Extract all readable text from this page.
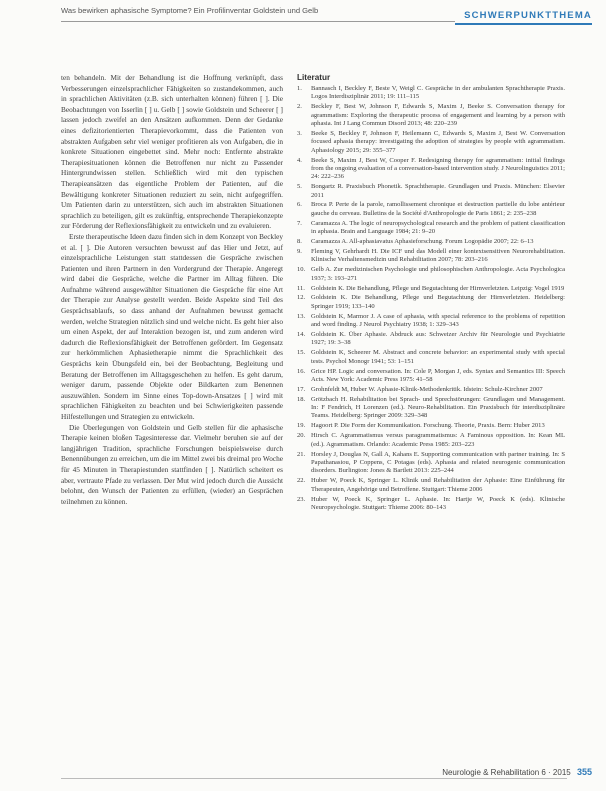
Was bewirken aphasische Symptome? Ein Profilinventar Goldstein und Gelb	SCHWERPUNKTTHEMA

ten behandeln. Mit der Behandlung ist die Hoffnung verknüpft, dass Verbesserungen einzelsprachlicher Fähigkeiten so zustandekommen, auch in sprachlichen Aktivitäten (z.B. sich unterhalten können) führen [ ]. Die Beobachtungen von Isserlin [ ] u. Gelb [ ] sowie Goldstein und Scheerer [ ] lassen jedoch zweifel an den Ansätzen aufkommen. Denn der Gedanke eines defizitorientierten Therapievorkommt, dass die Patienten von abstrakten Aufgaben sehr viel weniger profitieren als von Aufgaben, die in konkrete Situationen eingebettet sind. Mehr noch: Entfernte abstrakte Therapiesituationen können die Betroffenen nur nicht zu Passender Hintergrundwissen stellen. Schließlich wird mit den typischen Therapieansätzen das eigentliche Problem der Patienten, auf die Bewältigung konkreter Situationen reduziert zu sein, nicht aufgegriffen. Um Patienten darin zu unterstützen, sich auch im abstrakten Situationen sprachlich zu beteiligen, gilt es zukünftig, entsprechende Therapiekonzepte zur Förderung der Reflexionsfähigkeit zu entwickeln und zu evaluieren.

Erste therapeutische Ideen dazu finden sich in dem Konzept von Beckley et al. [ ]. Die Autoren versuchten bewusst auf das Hier und Jetzt, auf einzelsprachliche Leistungen statt stattdessen die Gespräche zwischen Patienten und ihren Partnern in den Vordergrund der Therapie. Angeregt wird dabei die Gespräche, welche die Partner im Alltag führen. Die Aufnahme während ausgewählter Situationen die Gespräche für eine Art der Therapie zur Analyse gestellt werden. Beide Aspekte sind Teil des Gesprächsablaufs, so dass anhand der Aufnahmen bewusst gemacht werden, welche Strategien nützlich sind und welche nicht. Es geht hier also um einen Aspekt, der auf Interaktion bezogen ist, und zum anderen wird dadurch die Reflexionsfähigkeit der Betroffenen gefördert. Im Gegensatz zur herkömmlichen Aphasietherapie nimmt die Sprachlichkeit des Gesprächs kein Übungsfeld ein, bei der Beobachtung, Begleitung und Beratung der Betroffenen im Alltagsgeschehen zu helfen. Es geht darum, weniger darum, passende Objekte oder Bildkarten zum Benennen auszuwählen. Sondern im Sinne eines Top-down-Ansatzes [ ] wird mit sprachlichen Fähigkeiten zu beachten und bei Schwierigkeiten passende Hilfestellungen und Strategien zu entwickeln.

Die Überlegungen von Goldstein und Gelb stellen für die aphasische Therapie keinen bloßen Tagesinteresse dar. Vielmehr beruhen sie auf der langjährigen Tradition, sprachliche Forschungen beispielsweise durch Benennübungen zu erreichen, um die im Mittel zwei bis dreimal pro Woche für 45 Minuten in Therapiestunden stattfinden [ ]. Natürlich scheitert es aber, vertraute Pfade zu verlassen. Der Mut wird jedoch durch die Aussicht belohnt, den Wunsch der Patienten zu erfüllen, (wieder) an Gesprächen teilnehmen zu können.

Literatur
1.	Bannasch I, Beckley F, Beste V, Weigl C. Gespräche in der ambulanten Sprachtherapie Praxis. Logos Interdisziplinär 2011; 19: 111–115
2.	Beckley F, Best W, Johnson F, Edwards S, Maxim J, Beeke S. Conversation therapy for agrammatism: Exploring the therapeutic process of engagement and learning by a person with aphasia. Int J Lang Commun Disord 2013; 48: 220–239
3.	Beeke S, Beckley F, Johnson F, Heilemann C, Edwards S, Maxim J, Best W. Conversation focused aphasia therapy: investigating the adoption of strategies by people with agrammatism. Aphasiology 2015; 29: 355–377
4.	Beeke S, Maxim J, Best W, Cooper F. Redesigning therapy for agrammatism: initial findings from the ongoing evaluation of a conversation-based intervention study. J Neurolinguistics 2011; 24: 222–236
5.	Bongartz R. Praxisbuch Phonetik. Sprachtherapie. Grundlagen und Praxis. München: Elsevier 2011
6.	Broca P. Perte de la parole, ramollissement chronique et destruction partielle du lobe antérieur gauche du cerveau. Bulletins de la Société d'Anthropologie de Paris 1861; 2: 235–238
7.	Caramazza A. The logic of neuropsychological research and the problem of patient classification in aphasia. Brain and Language 1984; 21: 9–20
8.	Caramazza A. All-aphasiavatus Aphasieforschung. Forum Logopädie 2007; 22: 6–13
9.	Fleming V, Gehrhardt H. Die ICF und das Modell einer kontextsensitiven Neurorehabilitation. Klinische Verhaltensmedizin und Rehabilitation 2007; 78: 203–216
10. Gelb A. Zur medizinischen Psychologie und philosophischen Anthropologie. Acta Psychologica 1937; 3: 193–271
11. Goldstein K. Die Behandlung, Pflege und Begutachtung der Hirnverletzten. Leipzig: Vogel 1919
12. Goldstein K. Die Behandlung, Pflege und Begutachtung der Hirnverletzten. Heidelberg: Springer 1919; 133–140
13. Goldstein K, Marmor J. A case of aphasia, with special reference to the problems of repetition and word finding. J Neurol Psychiatry 1938; 1: 329–343
14. Goldstein K. Über Aphasie. Abdruck aus: Schweizer Archiv für Neurologie und Psychiatrie 1927; 19: 3–38
15. Goldstein K, Scheerer M. Abstract and concrete behavior: an experimental study with special tests. Psychol Monogr 1941; 53: 1–151
16. Grice HP. Logic and conversation. In: Cole P, Morgan J, eds. Syntax and Semantics III: Speech Acts. New York: Academic Press 1975: 41–58
17. Grohnfeldt M, Huber W. Aphasie-Klinik-Methodenkritik. Idstein: Schulz-Kirchner 2007
18. Grötzbach H. Rehabilitation bei Sprach- und Sprechstörungen: Grundlagen und Management. In: F Fendrich, H Lorenzen (ed.). Neuro-Rehabilitation. Ein Praxisbuch für interdisziplinäre Teams. Heidelberg: Springer 2009: 329–348
19. Hagoort P. Die Form der Kommunikation. Forschung. Theorie, Praxis. Bern: Huber 2013
20. Hirsch C. Agrammatismus versus paragrammatismus: A Faminous opposition. In: Kean ML (ed.). Agrammatism. Orlando: Academic Press 1985: 203–223
21. Horsley J, Douglas N, Gall A, Kahans E. Supporting communication with partner training. In: S Papathanasiou, P Coppens, C Potagas (eds). Aphasia and related neurogenic communication disorders. Burlington: Jones & Bartlett 2013: 225–244
22. Huber W, Poeck K, Springer L. Klinik und Rehabilitation der Aphasie: Eine Einführung für Therapeuten, Angehörige und Betroffene. Stuttgart: Thieme 2006
23. Huber W, Poeck K, Springer L. Aphasie. In: Hartje W, Poeck K (eds). Klinische Neuropsychologie. Stuttgart: Thieme 2006: 80–143
Neurologie & Rehabilitation 6 · 2015 355
